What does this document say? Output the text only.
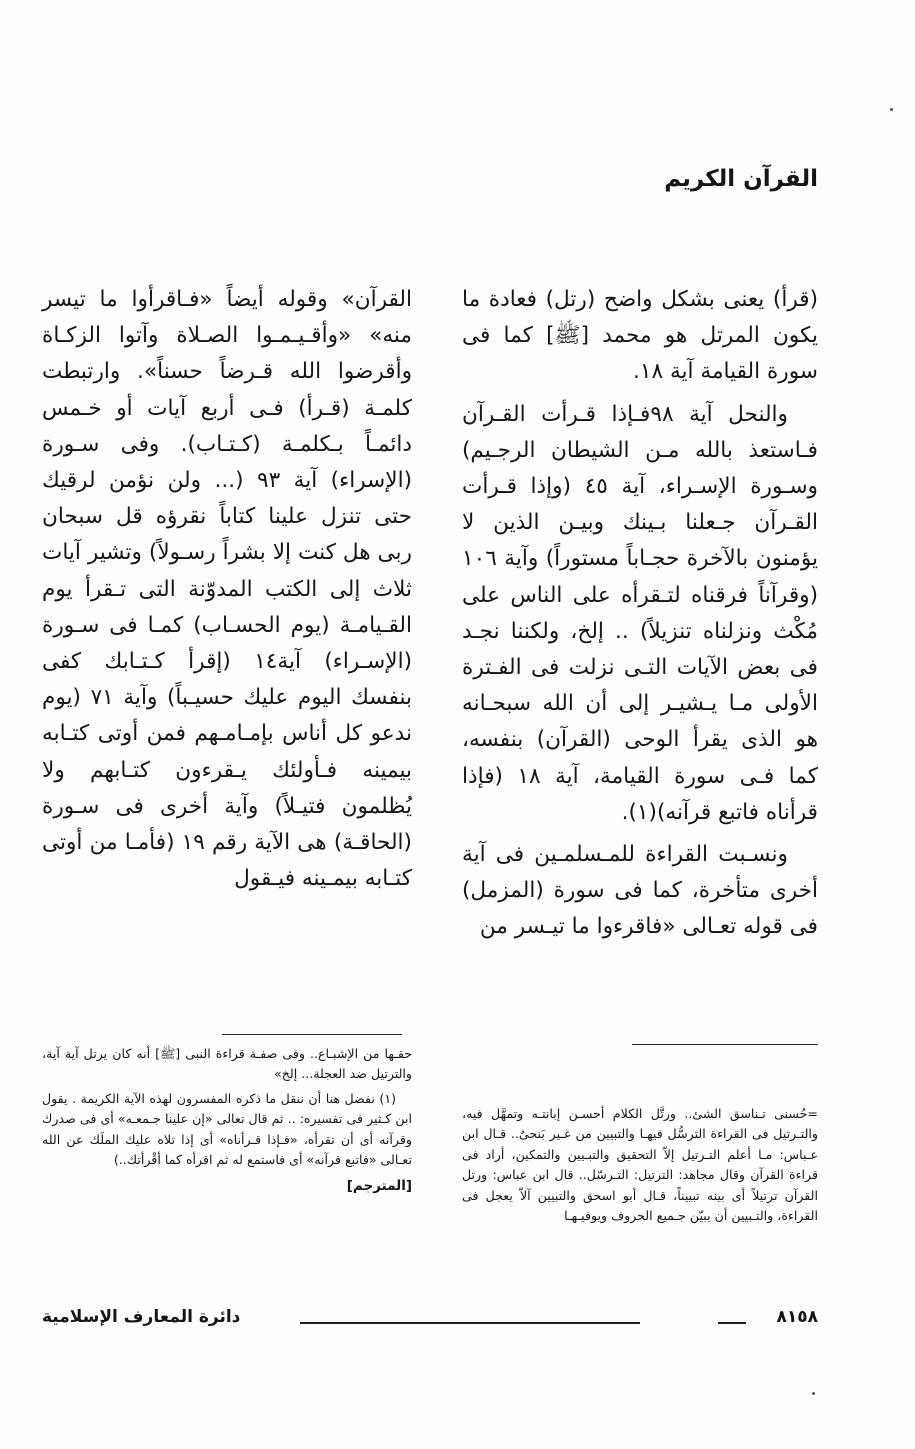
القرآن الكريم

(قرأ) يعنى بشكل واضح (رتل) فعادة ما يكون المرتل هو محمد [ﷺ] كما فى سورة القيامة آية ١٨.

والنحل آية ٩٨فـإذا قـرأت القـرآن فـاستعذ بالله مـن الشيطان الرجـيم) وسـورة الإسـراء، آية ٤٥ (وإذا قـرأت القـرآن جـعلنا بـينك وبيـن الذين لا يؤمنون بالآخرة حجـاباً مستوراً) وآية ١٠٦ (وقرآناً فرقناه لتـقرأه على الناس على مُكْث ونزلناه تنزيلاً) .. إلخ، ولكننا نجـد فى بعض الآيات التـى نزلت فى الفـترة الأولى مـا يـشيـر إلى أن الله سبحـانه هو الذى يقرأ الوحى (القرآن) بنفسه، كما فـى سورة القيامة، آية ١٨ (فإذا قرأناه فاتبع قرآنه)(١).

ونسـبت القراءة للمـسلمـين فى آية أخرى متأخرة، كما فى سورة (المزمل) فى قوله تعـالى «فاقرءوا ما تيـسر من

القرآن» وقوله أيضاً «فـاقرأوا ما تيسر منه» «وأقـيـمـوا الصـلاة وآتوا الزكـاة وأقرضوا الله قـرضاً حسناً». وارتبطت كلمـة (قـرأ) فـى أربع آيات أو خـمس دائمـاً بـكلمـة (كـتـاب). وفى سـورة (الإسراء) آية ٩٣ (... ولن نؤمن لرقيك حتى تنزل علينا كتاباً نقرؤه قل سبحان ربى هل كنت إلا بشراً رسـولاً) وتشير آيات ثلاث إلى الكتب المدوّنة التى تـقرأ يوم القـيامـة (يوم الحسـاب) كمـا فى سـورة (الإسـراء) آية١٤ (إقرأ كـتـابك كفى بنفسك اليوم عليك حسيـباً) وآية ٧١ (يوم ندعو كل أناس بإمـامـهم فمن أوتى كتـابه بيمينه فـأولئك يـقرءون كتـابهم ولا يُظلمون فتيـلاً) وآية أخرى فى سـورة (الحاقـة) هى الآية رقم ١٩ (فأمـا من أوتى كتـابه بيمـينه فيـقول

=حُسنى تـناسق الشئ.. ورتَّل الكلام أحسـن إبانتـه وتمهَّل فيه، والتـرتيل فى القراءة الترسُّل فيهـا والتبيين من غـير بَنحىٌ.. قـال ابن عـباس: مـا أعلم التـرتيل إلاّ التحقيق والتبـيين والتمكين، أراد فى قراءة القرآن وقال مجاهد: الترتيل: التـرسّل.. قال ابن عباس: ورتل القرآن ترتيلاً أى بينه تبييناً، قـال أبو اسحق والتبيين آلاّ يعجل فى القراءة، والتـبيين أن يبيّن جـميع الحروف ويوفيـهـا

حقـها من الإشبـاع.. وفى صفـة قراءة النبى [ﷺ] أنه كان يرتل آية آية، والترتيل ضد العجلة... إلخ»

(١) نفضل هنا أن ننقل ما ذكره المفسرون لهذه الآية الكريمة . يقول ابن كـثير فى تفسيره: .. ثم قال تعالى «إن علينا جـمعـه» أى فى صدرك وقرآنه أى أن تقرأه، «فـإذا قـرأناه» أى إذا تلاه عليك الملَك عن الله تعـالى «فاتبع قرآنه» أى فاستمع له ثم اقرأه كما أقْرأتك..)

[المترجم]

٨١٥٨
دائرة المعارف الإسلامية
